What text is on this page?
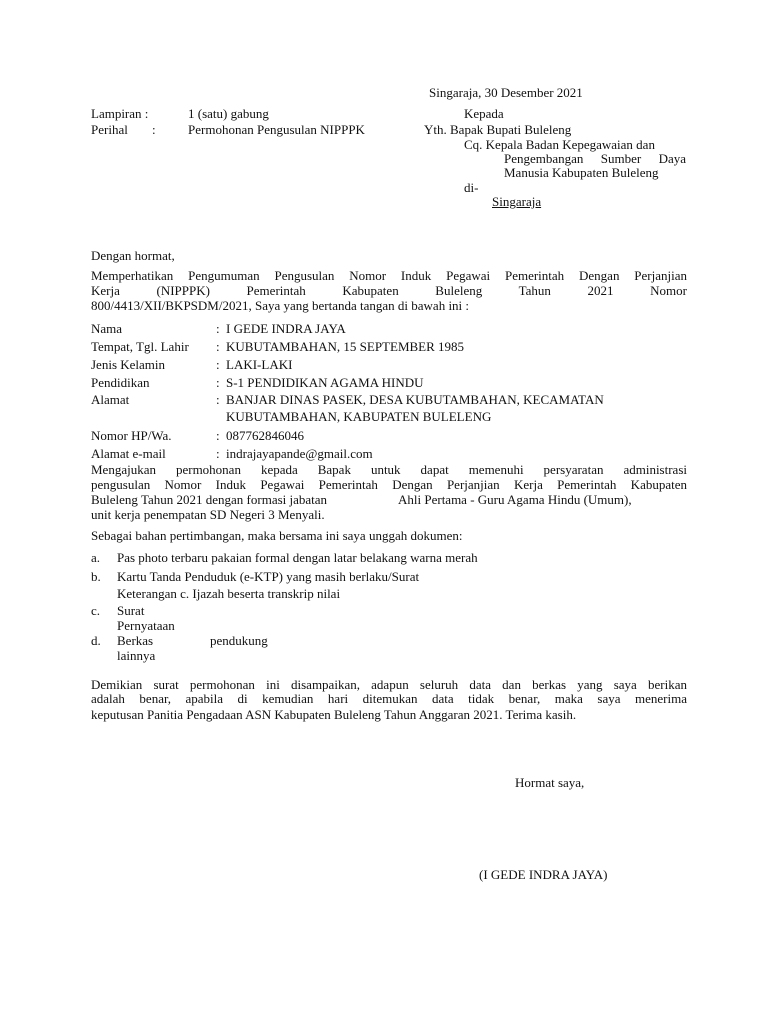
Singaraja, 30 Desember 2021
Lampiran :	1 (satu) gabung	Kepada
Perihal : Permohonan Pengusulan NIPPPK	Yth. Bapak Bupati Buleleng
Cq. Kepala Badan Kepegawaian dan
Pengembangan Sumber Daya
Manusia Kabupaten Buleleng
di-
Singaraja
Dengan hormat,
Memperhatikan Pengumuman Pengusulan Nomor Induk Pegawai Pemerintah Dengan Perjanjian
Kerja (NIPPPK) Pemerintah Kabupaten Buleleng Tahun 2021 Nomor
800/4413/XII/BKPSDM/2021, Saya yang bertanda tangan di bawah ini :
Nama	: I GEDE INDRA JAYA
Tempat, Tgl. Lahir : KUBUTAMBAHAN, 15 SEPTEMBER 1985
Jenis Kelamin	: LAKI-LAKI
Pendidikan	: S-1 PENDIDIKAN AGAMA HINDU
Alamat	: BANJAR DINAS PASEK, DESA KUBUTAMBAHAN, KECAMATAN
KUBUTAMBAHAN, KABUPATEN BULELENG
Nomor HP/Wa.	: 087762846046
Alamat e-mail	: indrajayapande@gmail.com
Mengajukan permohonan kepada Bapak untuk dapat memenuhi persyaratan administrasi
pengusulan Nomor Induk Pegawai Pemerintah Dengan Perjanjian Kerja Pemerintah Kabupaten
Buleleng Tahun 2021 dengan formasi jabatan	Ahli Pertama - Guru Agama Hindu (Umum),
unit kerja penempatan SD Negeri 3 Menyali.
Sebagai bahan pertimbangan, maka bersama ini saya unggah dokumen:
a. Pas photo terbaru pakaian formal dengan latar belakang warna merah
b. Kartu Tanda Penduduk (e-KTP) yang masih berlaku/Surat
Keterangan c. Ijazah beserta transkrip nilai
c. Surat
Pernyataan
d. Berkas	pendukung
lainnya
Demikian surat permohonan ini disampaikan, adapun seluruh data dan berkas yang saya berikan
adalah benar, apabila di kemudian hari ditemukan data tidak benar, maka saya menerima
keputusan Panitia Pengadaan ASN Kabupaten Buleleng Tahun Anggaran 2021. Terima kasih.
Hormat saya,
(I GEDE INDRA JAYA)
